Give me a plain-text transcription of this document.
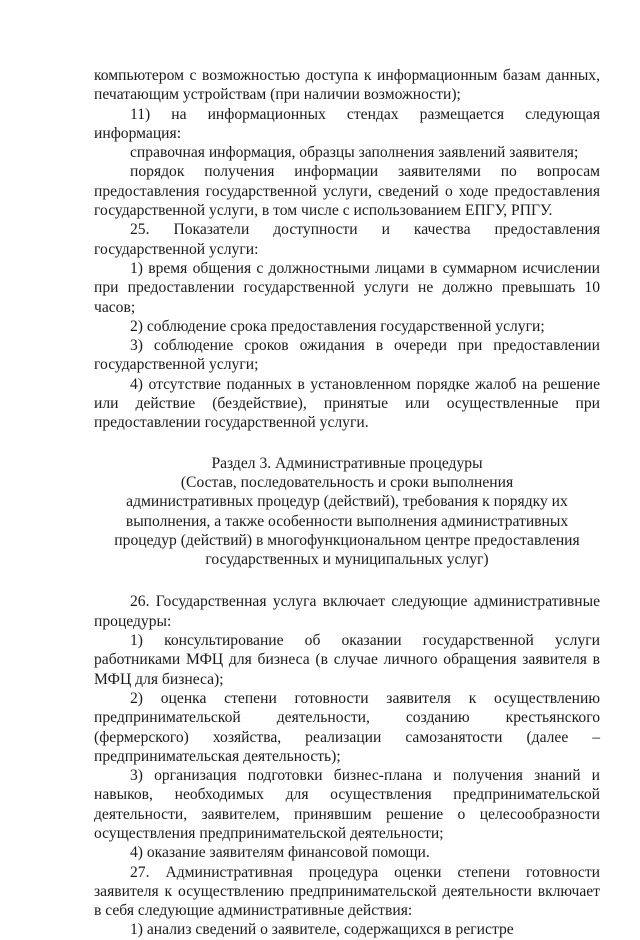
компьютером с возможностью доступа к информационным базам данных, печатающим устройствам (при наличии возможности);

11) на информационных стендах размещается следующая информация:

справочная информация, образцы заполнения заявлений заявителя;

порядок получения информации заявителями по вопросам предоставления государственной услуги, сведений о ходе предоставления государственной услуги, в том числе с использованием ЕПГУ, РПГУ.

25. Показатели доступности и качества предоставления государственной услуги:

1) время общения с должностными лицами в суммарном исчислении при предоставлении государственной услуги не должно превышать 10 часов;

2) соблюдение срока предоставления государственной услуги;

3) соблюдение сроков ожидания в очереди при предоставлении государственной услуги;

4) отсутствие поданных в установленном порядке жалоб на решение или действие (бездействие), принятые или осуществленные при предоставлении государственной услуги.

Раздел 3. Административные процедуры
(Состав, последовательность и сроки выполнения
административных процедур (действий), требования к порядку их
выполнения, а также особенности выполнения административных
процедур (действий) в многофункциональном центре предоставления
государственных и муниципальных услуг)

26. Государственная услуга включает следующие административные процедуры:

1) консультирование об оказании государственной услуги работниками МФЦ для бизнеса (в случае личного обращения заявителя в МФЦ для бизнеса);

2) оценка степени готовности заявителя к осуществлению предпринимательской деятельности, созданию крестьянского (фермерского) хозяйства, реализации самозанятости (далее – предпринимательская деятельность);

3) организация подготовки бизнес-плана и получения знаний и навыков, необходимых для осуществления предпринимательской деятельности, заявителем, принявшим решение о целесообразности осуществления предпринимательской деятельности;

4) оказание заявителям финансовой помощи.

27. Административная процедура оценки степени готовности заявителя к осуществлению предпринимательской деятельности включает в себя следующие административные действия:

1) анализ сведений о заявителе, содержащихся в регистре
